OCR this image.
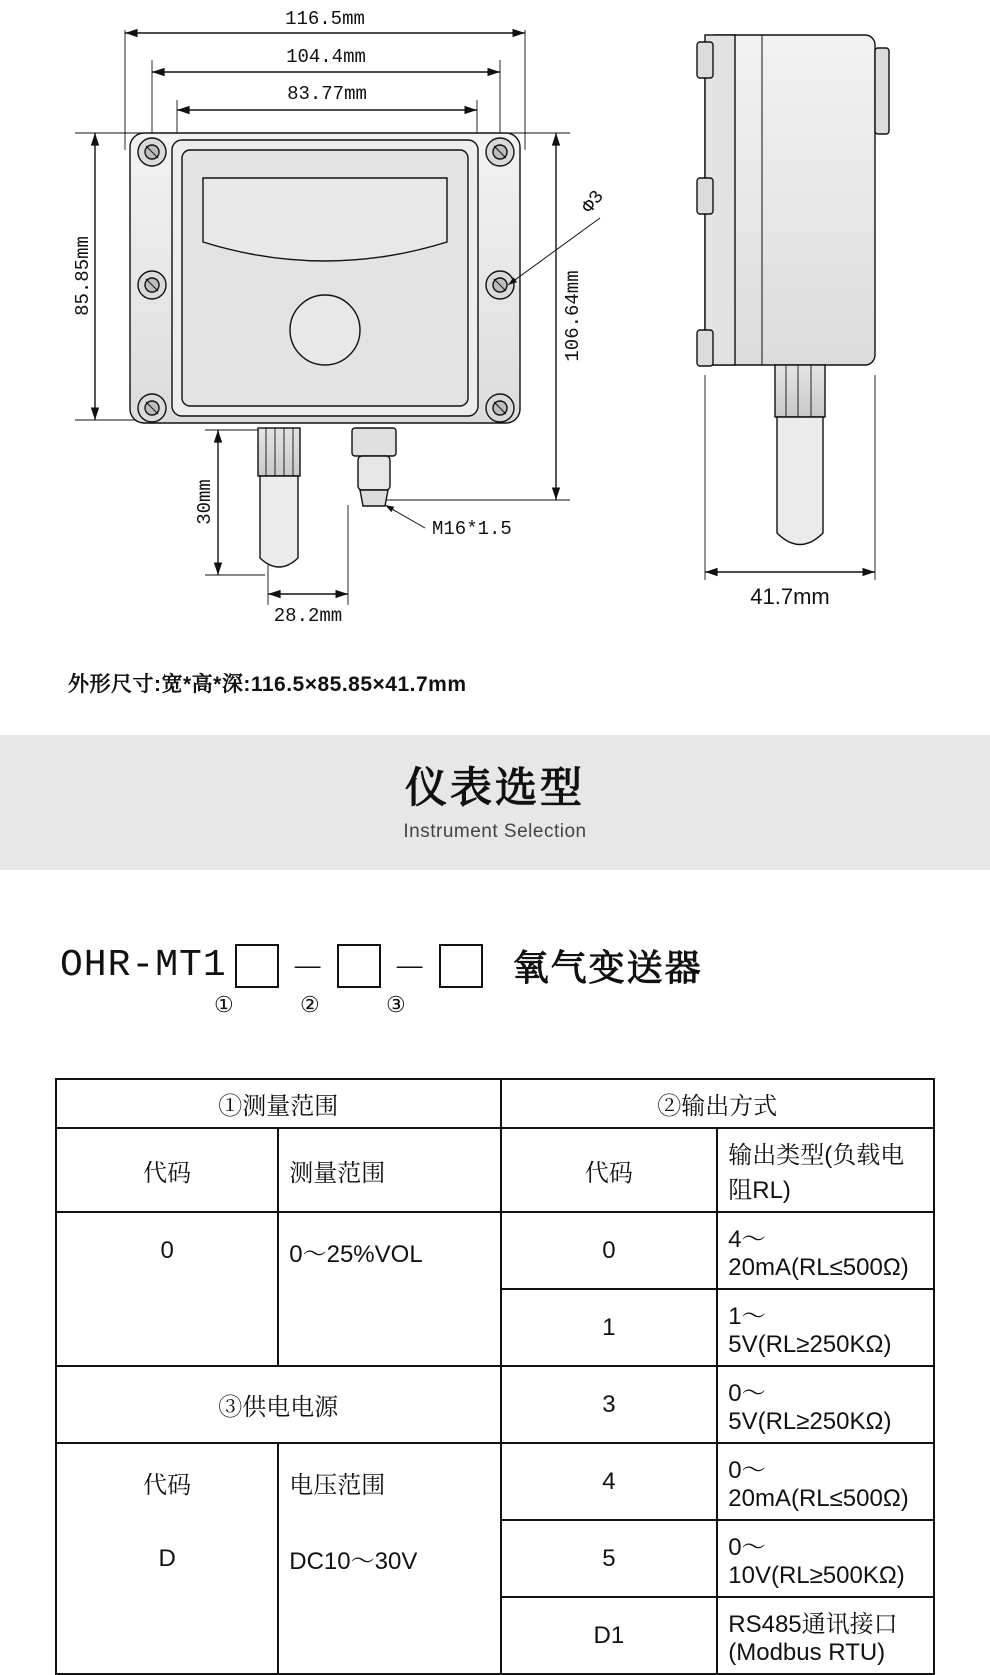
116.5mm
104.4mm
83.77mm
85.85mm	106.64mm
30mm
28.2mm
Ф3
M16*1.5
41.7mm
外形尺寸:宽*高*深:116.5×85.85×41.7mm
仪表选型

Instrument Selection

OHR-MT1 － － 氧气变送器
①	②	③
①测量范围		②输出方式	
代码	测量范围	代码	输出类型(负载电阻RL)
0	0～25%VOL	0	4～20mA(RL≤500Ω)
		1	1～5V(RL≥250KΩ)
③供电电源		3	0～5V(RL≥250KΩ)
代码	电压范围	4	0～20mA(RL≤500Ω)
D	DC10～30V	5	0～10V(RL≥500KΩ)
		D1	RS485通讯接口(Modbus RTU)
